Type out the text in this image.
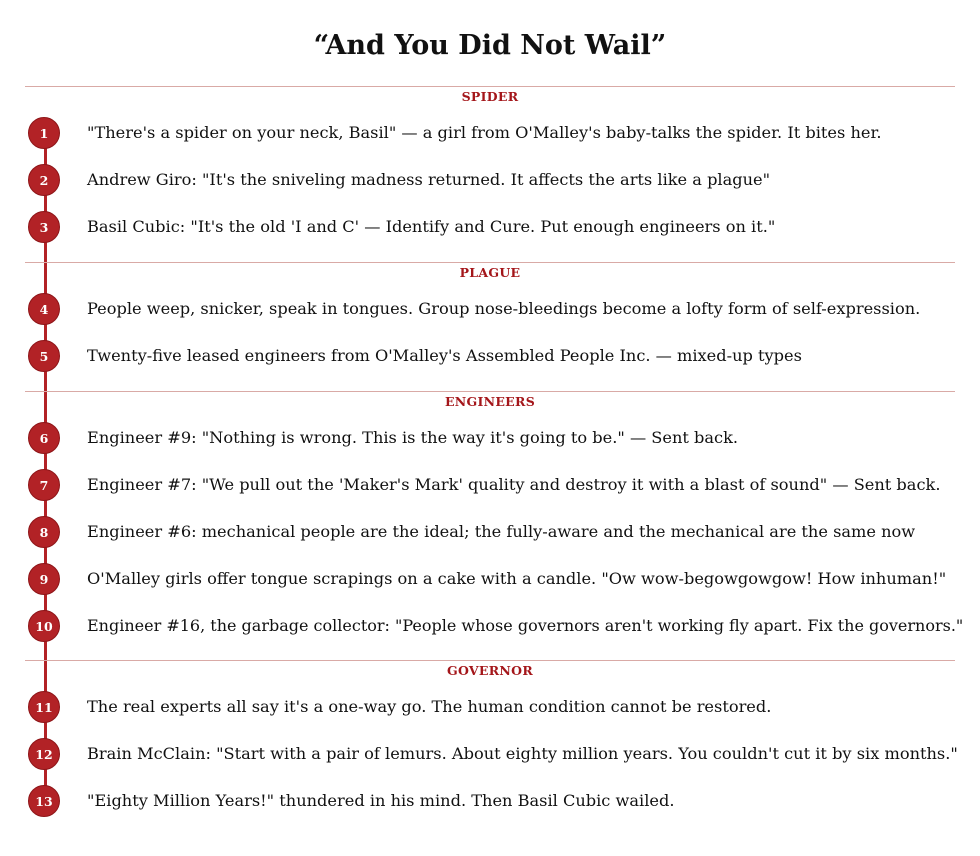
“And You Did Not Wail”
SPIDER
1	"There's a spider on your neck, Basil" — a girl from O'Malley's baby-talks the spider. It bites her.
2	Andrew Giro: "It's the sniveling madness returned. It affects the arts like a plague"
3	Basil Cubic: "It's the old 'I and C' — Identify and Cure. Put enough engineers on it."
PLAGUE
4	People weep, snicker, speak in tongues. Group nose-bleedings become a lofty form of self-expression.
5	Twenty-five leased engineers from O'Malley's Assembled People Inc. — mixed-up types
ENGINEERS
6	Engineer #9: "Nothing is wrong. This is the way it's going to be." — Sent back.
7	Engineer #7: "We pull out the 'Maker's Mark' quality and destroy it with a blast of sound" — Sent back.
8	Engineer #6: mechanical people are the ideal; the fully-aware and the mechanical are the same now
9	O'Malley girls offer tongue scrapings on a cake with a candle. "Ow wow-begowgowgow! How inhuman!"
10	Engineer #16, the garbage collector: "People whose governors aren't working fly apart. Fix the governors."
GOVERNOR
11	The real experts all say it's a one-way go. The human condition cannot be restored.
12	Brain McClain: "Start with a pair of lemurs. About eighty million years. You couldn't cut it by six months."
13	"Eighty Million Years!" thundered in his mind. Then Basil Cubic wailed.
